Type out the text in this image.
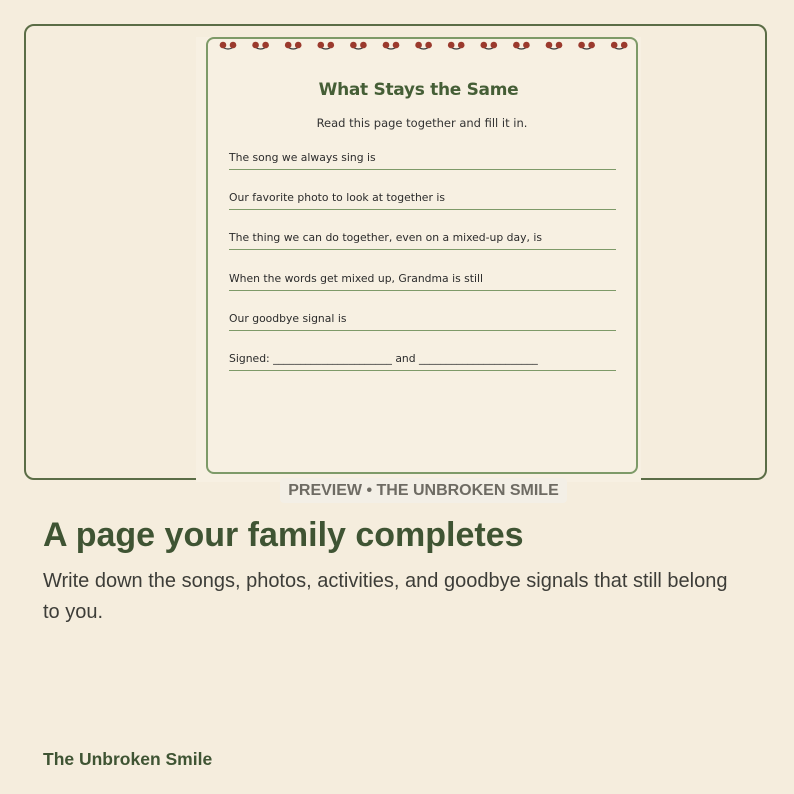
What Stays the Same
Read this page together and fill it in.
The song we always sing is
Our favorite photo to look at together is
The thing we can do together, even on a mixed-up day, is
When the words get mixed up, Grandma is still
Our goodbye signal is
Signed: ______________________ and ______________________
PREVIEW • THE UNBROKEN SMILE
A page your family completes

Write down the songs, photos, activities, and goodbye signals that still belong to you.

The Unbroken Smile
